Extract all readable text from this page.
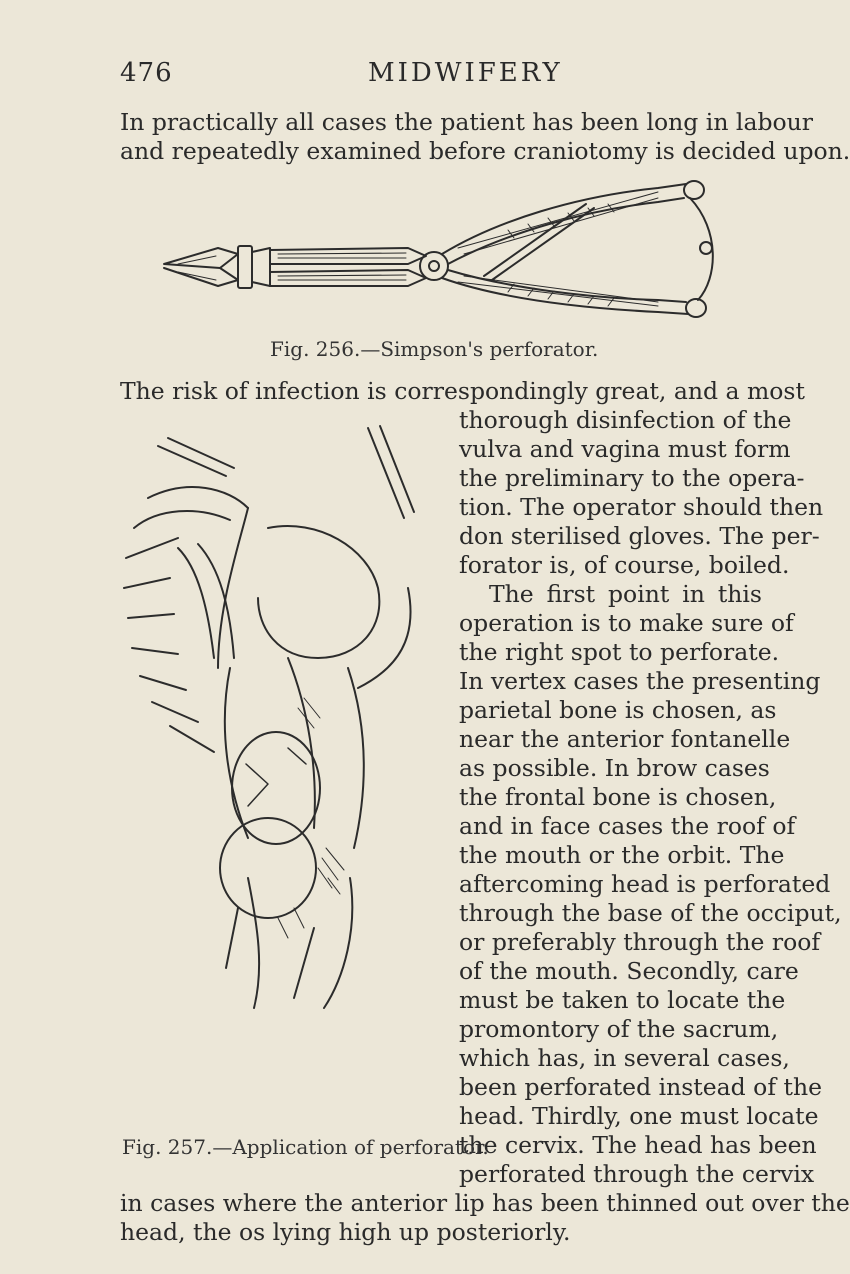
476	MIDWIFERY
In practically all cases the patient has been long in labour
and repeatedly examined before craniotomy is decided upon.
Fig. 256.—Simpson's perforator.
The risk of infection is correspondingly great, and a most
thorough disinfection of the
vulva and vagina must form
the preliminary to the opera-
tion. The operator should then
don sterilised gloves. The per-
forator is, of course, boiled.
The first point in this
operation is to make sure of
the right spot to perforate.
In vertex cases the presenting
parietal bone is chosen, as
near the anterior fontanelle
as possible. In brow cases
the frontal bone is chosen,
and in face cases the roof of
the mouth or the orbit. The
aftercoming head is perforated
through the base of the occiput,
or preferably through the roof
of the mouth. Secondly, care
must be taken to locate the
promontory of the sacrum,
which has, in several cases,
been perforated instead of the
head. Thirdly, one must locate
the cervix. The head has been
perforated through the cervix
Fig. 257.—Application of perforator.
in cases where the anterior lip has been thinned out over the
head, the os lying high up posteriorly.
